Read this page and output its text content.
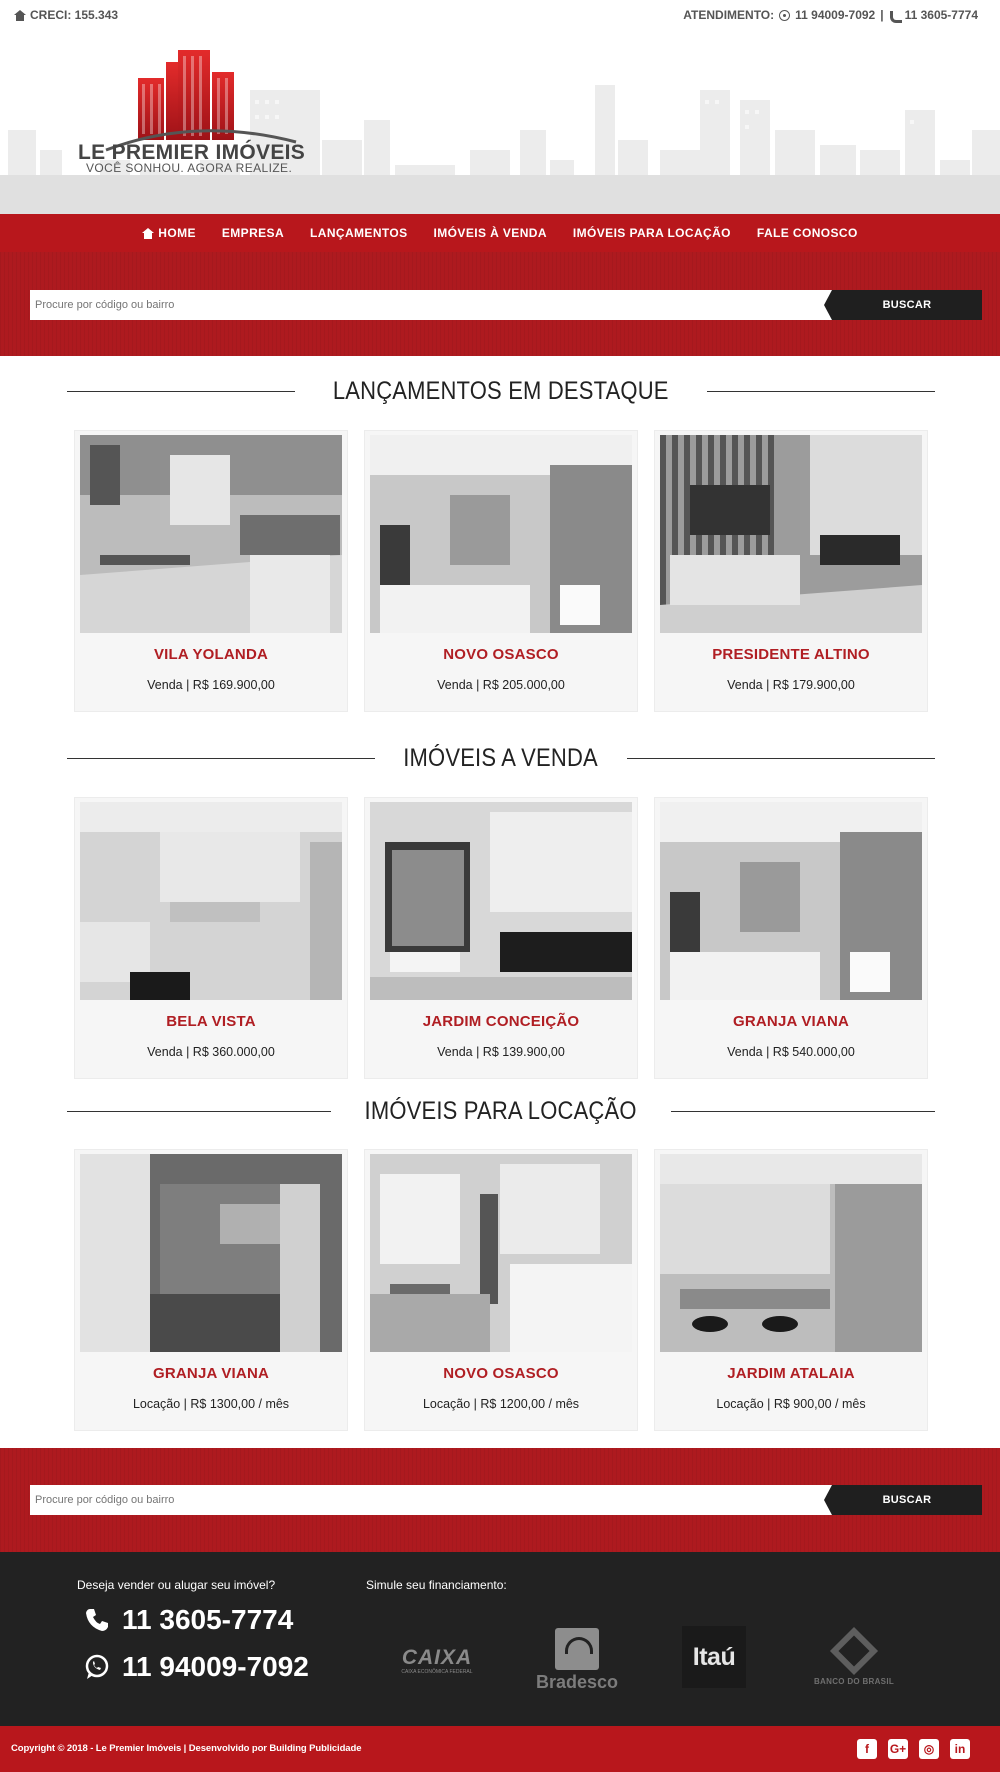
CRECI: 155.343	ATENDIMENTO: 11 94009-7092 | 11 3605-7774
LE PREMIER IMÓVEIS
VOCÊ SONHOU. AGORA REALIZE.
HOME EMPRESA LANÇAMENTOS IMÓVEIS À VENDA IMÓVEIS PARA LOCAÇÃO FALE CONOSCO
Procure por código ou bairro
BUSCAR
LANÇAMENTOS EM DESTAQUE
VILA YOLANDA
Venda | R$ 169.900,00
NOVO OSASCO
Venda | R$ 205.000,00
PRESIDENTE ALTINO
Venda | R$ 179.900,00
IMÓVEIS A VENDA
BELA VISTA
Venda | R$ 360.000,00
JARDIM CONCEIÇÃO
Venda | R$ 139.900,00
GRANJA VIANA
Venda | R$ 540.000,00
IMÓVEIS PARA LOCAÇÃO
GRANJA VIANA
Locação | R$ 1300,00 / mês
NOVO OSASCO
Locação | R$ 1200,00 / mês
JARDIM ATALAIA
Locação | R$ 900,00 / mês
Procure por código ou bairro
BUSCAR
Deseja vender ou alugar seu imóvel?
11 3605-7774
11 94009-7092
Simule seu financiamento:
CAIXA
CAIXA ECONÔMICA FEDERAL	Bradesco
Itaú
BANCO DO BRASIL
Copyright © 2018 - Le Premier Imóveis | Desenvolvido por Building Publicidade	f	G+	◎	in
